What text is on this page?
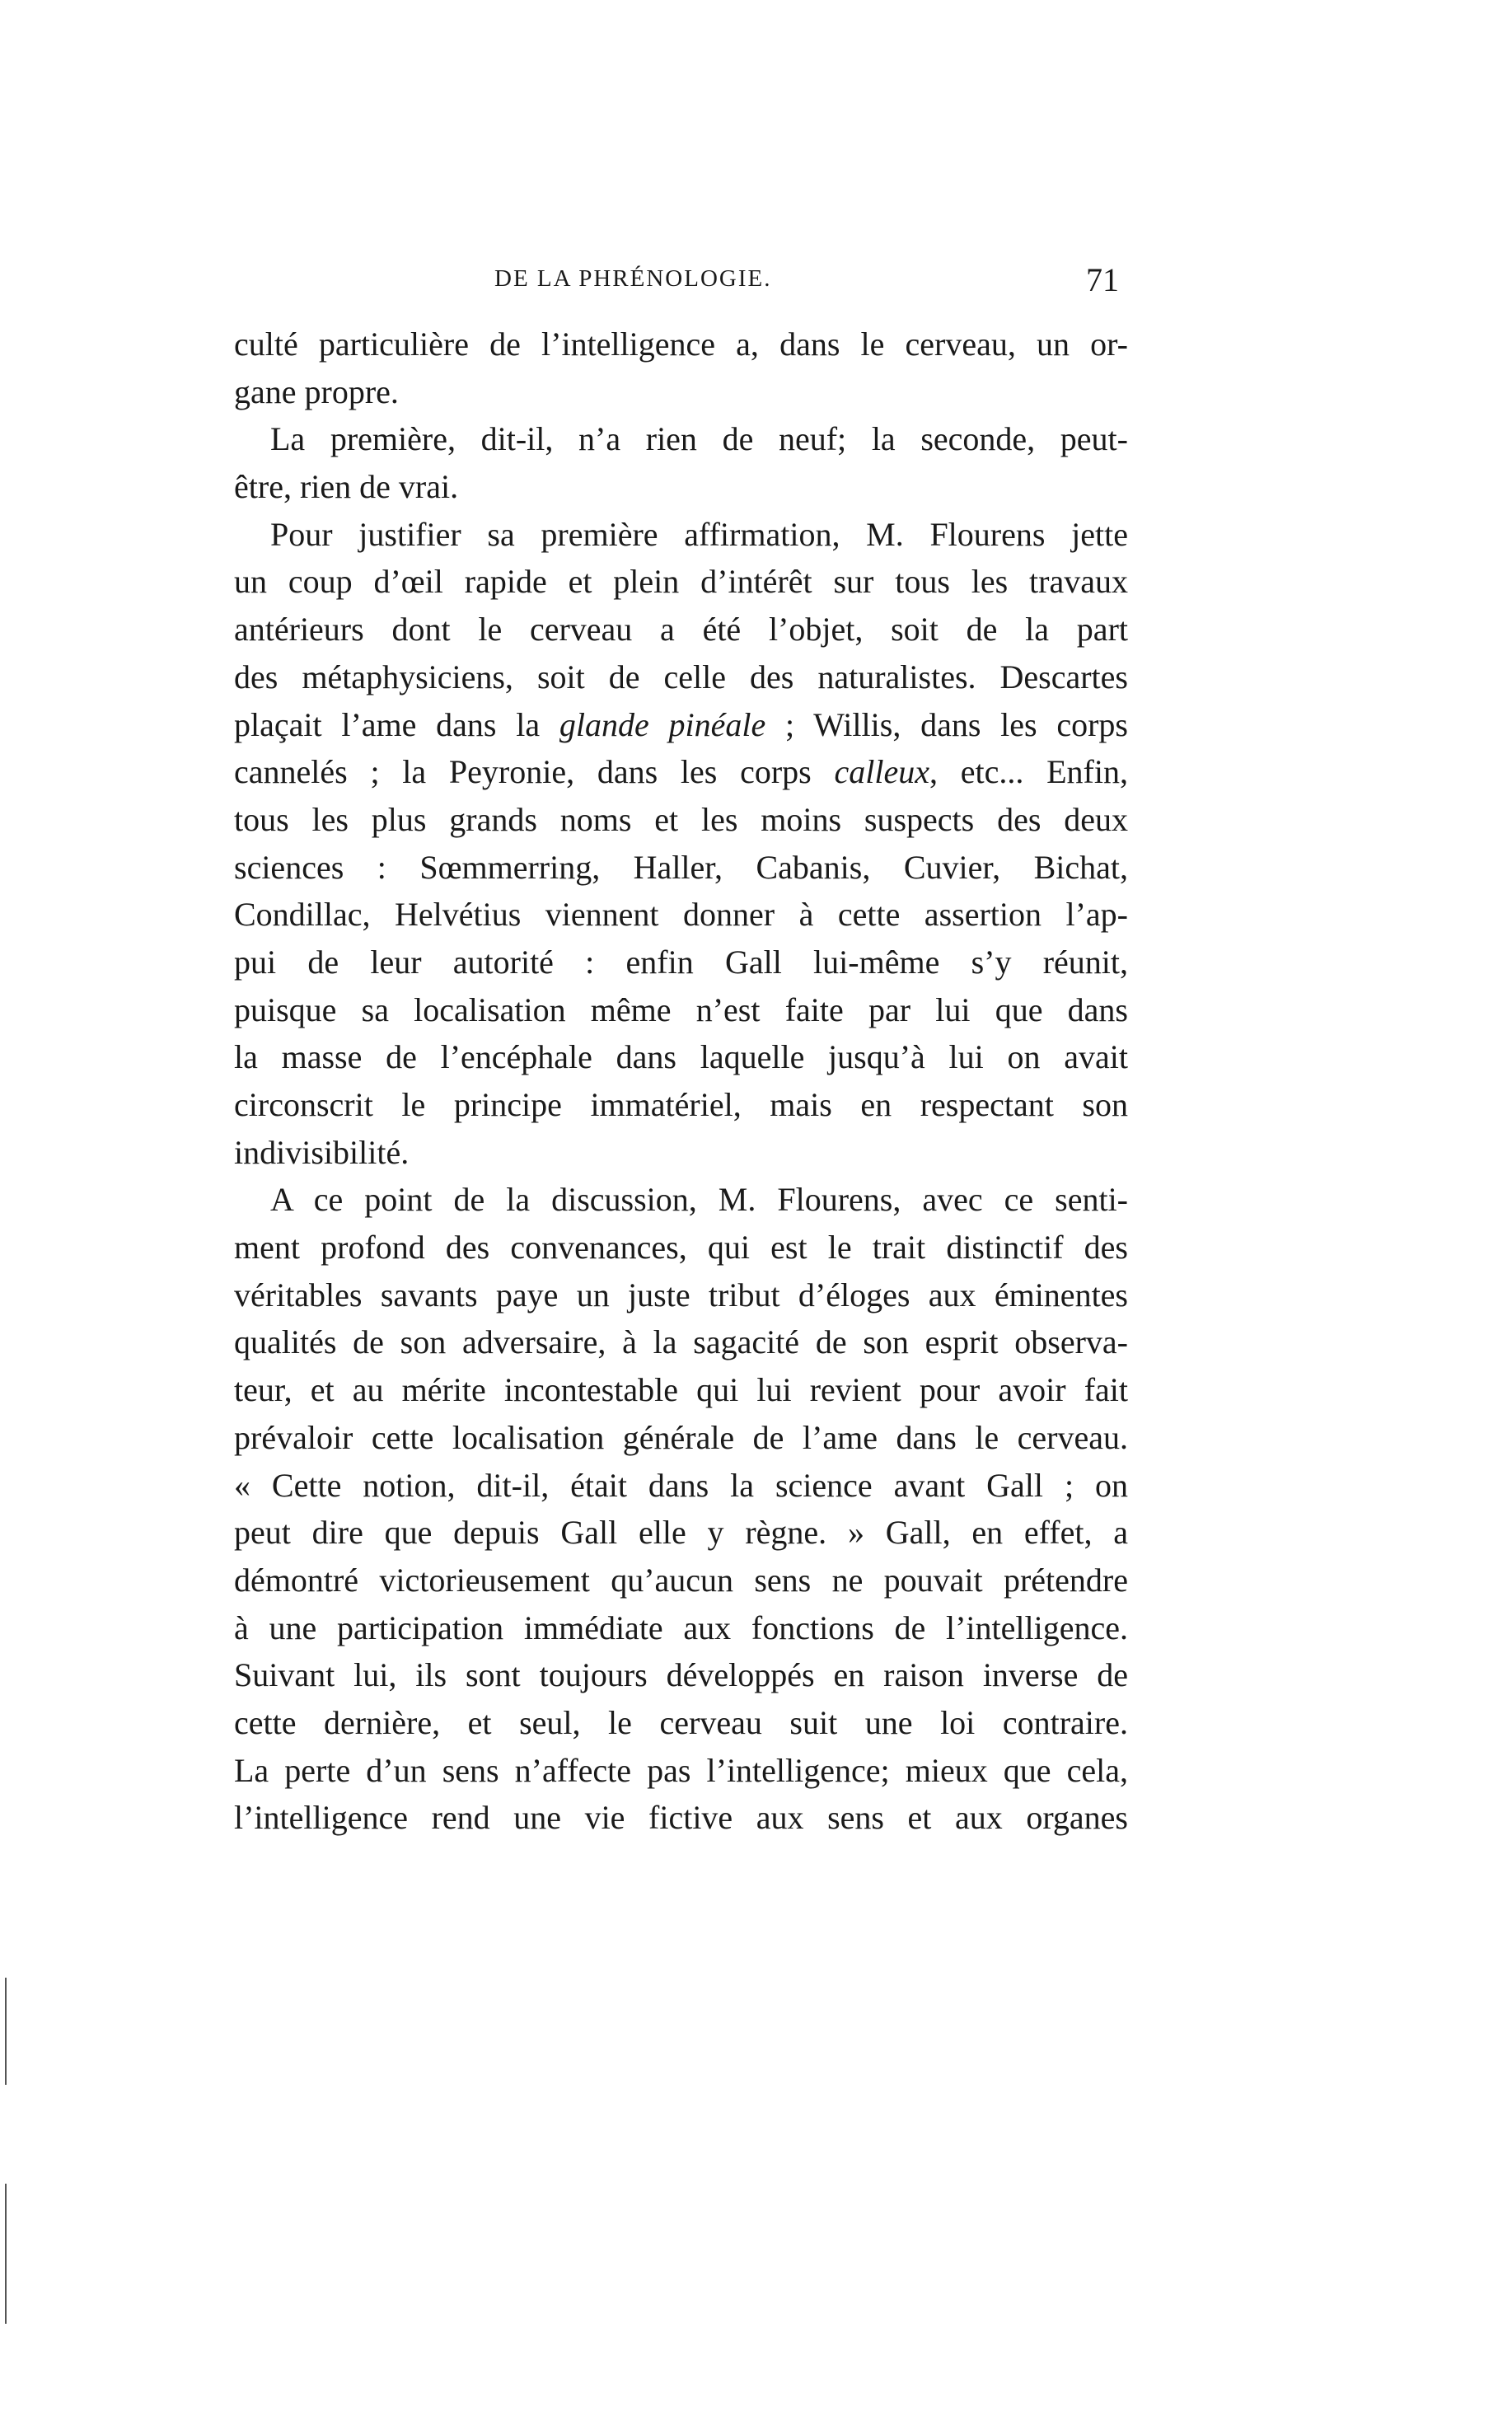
DE LA PHRÉNOLOGIE.	71
culté particulière de l’intelligence a, dans le cerveau, un or-
gane propre.
La première, dit-il, n’a rien de neuf; la seconde, peut-
être, rien de vrai.
Pour justifier sa première affirmation, M. Flourens jette
un coup d’œil rapide et plein d’intérêt sur tous les travaux
antérieurs dont le cerveau a été l’objet, soit de la part
des métaphysiciens, soit de celle des naturalistes. Descartes
plaçait l’ame dans la glande pinéale ; Willis, dans les corps
cannelés ; la Peyronie, dans les corps calleux, etc... Enfin,
tous les plus grands noms et les moins suspects des deux
sciences : Sœmmerring, Haller, Cabanis, Cuvier, Bichat,
Condillac, Helvétius viennent donner à cette assertion l’ap-
pui de leur autorité : enfin Gall lui-même s’y réunit,
puisque sa localisation même n’est faite par lui que dans
la masse de l’encéphale dans laquelle jusqu’à lui on avait
circonscrit le principe immatériel, mais en respectant son
indivisibilité.
A ce point de la discussion, M. Flourens, avec ce senti-
ment profond des convenances, qui est le trait distinctif des
véritables savants paye un juste tribut d’éloges aux éminentes
qualités de son adversaire, à la sagacité de son esprit observa-
teur, et au mérite incontestable qui lui revient pour avoir fait
prévaloir cette localisation générale de l’ame dans le cerveau.
« Cette notion, dit-il, était dans la science avant Gall ; on
peut dire que depuis Gall elle y règne. » Gall, en effet, a
démontré victorieusement qu’aucun sens ne pouvait prétendre
à une participation immédiate aux fonctions de l’intelligence.
Suivant lui, ils sont toujours développés en raison inverse de
cette dernière, et seul, le cerveau suit une loi contraire.
La perte d’un sens n’affecte pas l’intelligence; mieux que cela,
l’intelligence rend une vie fictive aux sens et aux organes
